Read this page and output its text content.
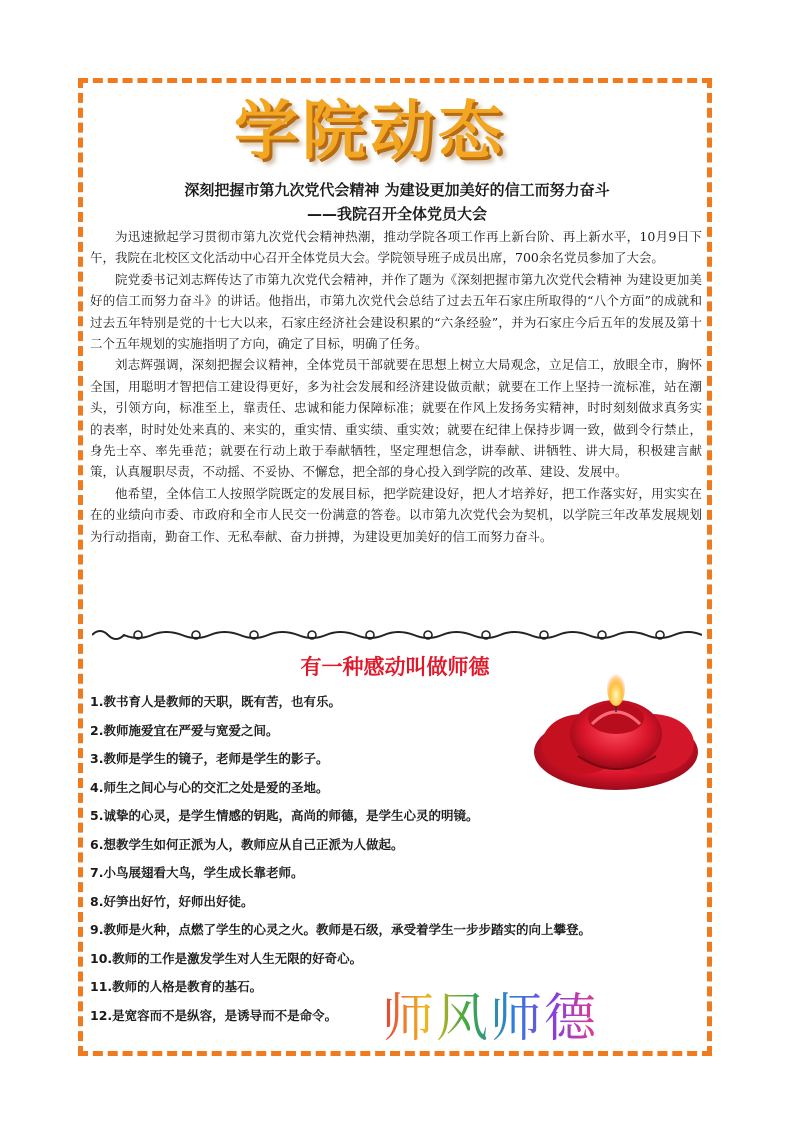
学院动态
深刻把握市第九次党代会精神 为建设更加美好的信工而努力奋斗
——我院召开全体党员大会

为迅速掀起学习贯彻市第九次党代会精神热潮，推动学院各项工作再上新台阶、再上新水平，10月9日下午，我院在北校区文化活动中心召开全体党员大会。学院领导班子成员出席，700余名党员参加了大会。

院党委书记刘志辉传达了市第九次党代会精神，并作了题为《深刻把握市第九次党代会精神 为建设更加美好的信工而努力奋斗》的讲话。他指出，市第九次党代会总结了过去五年石家庄所取得的“八个方面”的成就和过去五年特别是党的十七大以来，石家庄经济社会建设积累的“六条经验”，并为石家庄今后五年的发展及第十二个五年规划的实施指明了方向，确定了目标，明确了任务。

刘志辉强调，深刻把握会议精神，全体党员干部就要在思想上树立大局观念，立足信工，放眼全市，胸怀全国，用聪明才智把信工建设得更好，多为社会发展和经济建设做贡献；就要在工作上坚持一流标准，站在潮头，引领方向，标准至上，靠责任、忠诚和能力保障标准；就要在作风上发扬务实精神，时时刻刻做求真务实的表率，时时处处来真的、来实的，重实情、重实绩、重实效；就要在纪律上保持步调一致，做到令行禁止，身先士卒、率先垂范；就要在行动上敢于奉献牺牲，坚定理想信念，讲奉献、讲牺牲、讲大局，积极建言献策，认真履职尽责，不动摇、不妥协、不懈怠，把全部的身心投入到学院的改革、建设、发展中。

他希望，全体信工人按照学院既定的发展目标，把学院建设好，把人才培养好，把工作落实好，用实实在在的业绩向市委、市政府和全市人民交一份满意的答卷。以市第九次党代会为契机，以学院三年改革发展规划为行动指南，勤奋工作、无私奉献、奋力拼搏，为建设更加美好的信工而努力奋斗。

有一种感动叫做师德
1.教书育人是教师的天职，既有苦，也有乐。
2.教师施爱宜在严爱与宽爱之间。
3.教师是学生的镜子，老师是学生的影子。
4.师生之间心与心的交汇之处是爱的圣地。
5.诚挚的心灵，是学生情感的钥匙，高尚的师德，是学生心灵的明镜。
6.想教学生如何正派为人，教师应从自己正派为人做起。
7.小鸟展翅看大鸟，学生成长靠老师。
8.好笋出好竹，好师出好徒。
9.教师是火种，点燃了学生的心灵之火。教师是石级，承受着学生一步步踏实的向上攀登。
10.教师的工作是激发学生对人生无限的好奇心。
11.教师的人格是教育的基石。
12.是宽容而不是纵容，是诱导而不是命令。 师风师德
